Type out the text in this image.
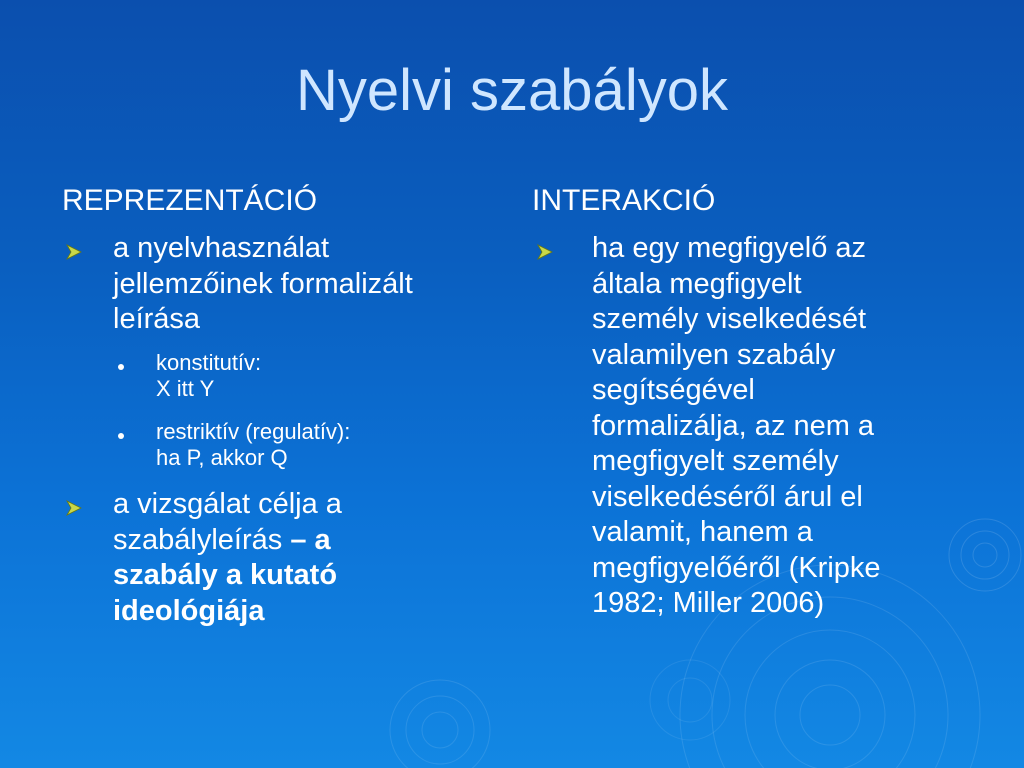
Nyelvi szabályok
REPREZENTÁCIÓ
a nyelvhasználat
jellemzőinek formalizált
leírása
konstitutív:
X itt Y
restriktív (regulatív):
ha P, akkor Q
a vizsgálat célja a
szabályleírás – a
szabály a kutató
ideológiája
INTERAKCIÓ
ha egy megfigyelő az
általa megfigyelt
személy viselkedését
valamilyen szabály
segítségével
formalizálja, az nem a
megfigyelt személy
viselkedéséről árul el
valamit, hanem a
megfigyelőéről (Kripke
1982; Miller 2006)
